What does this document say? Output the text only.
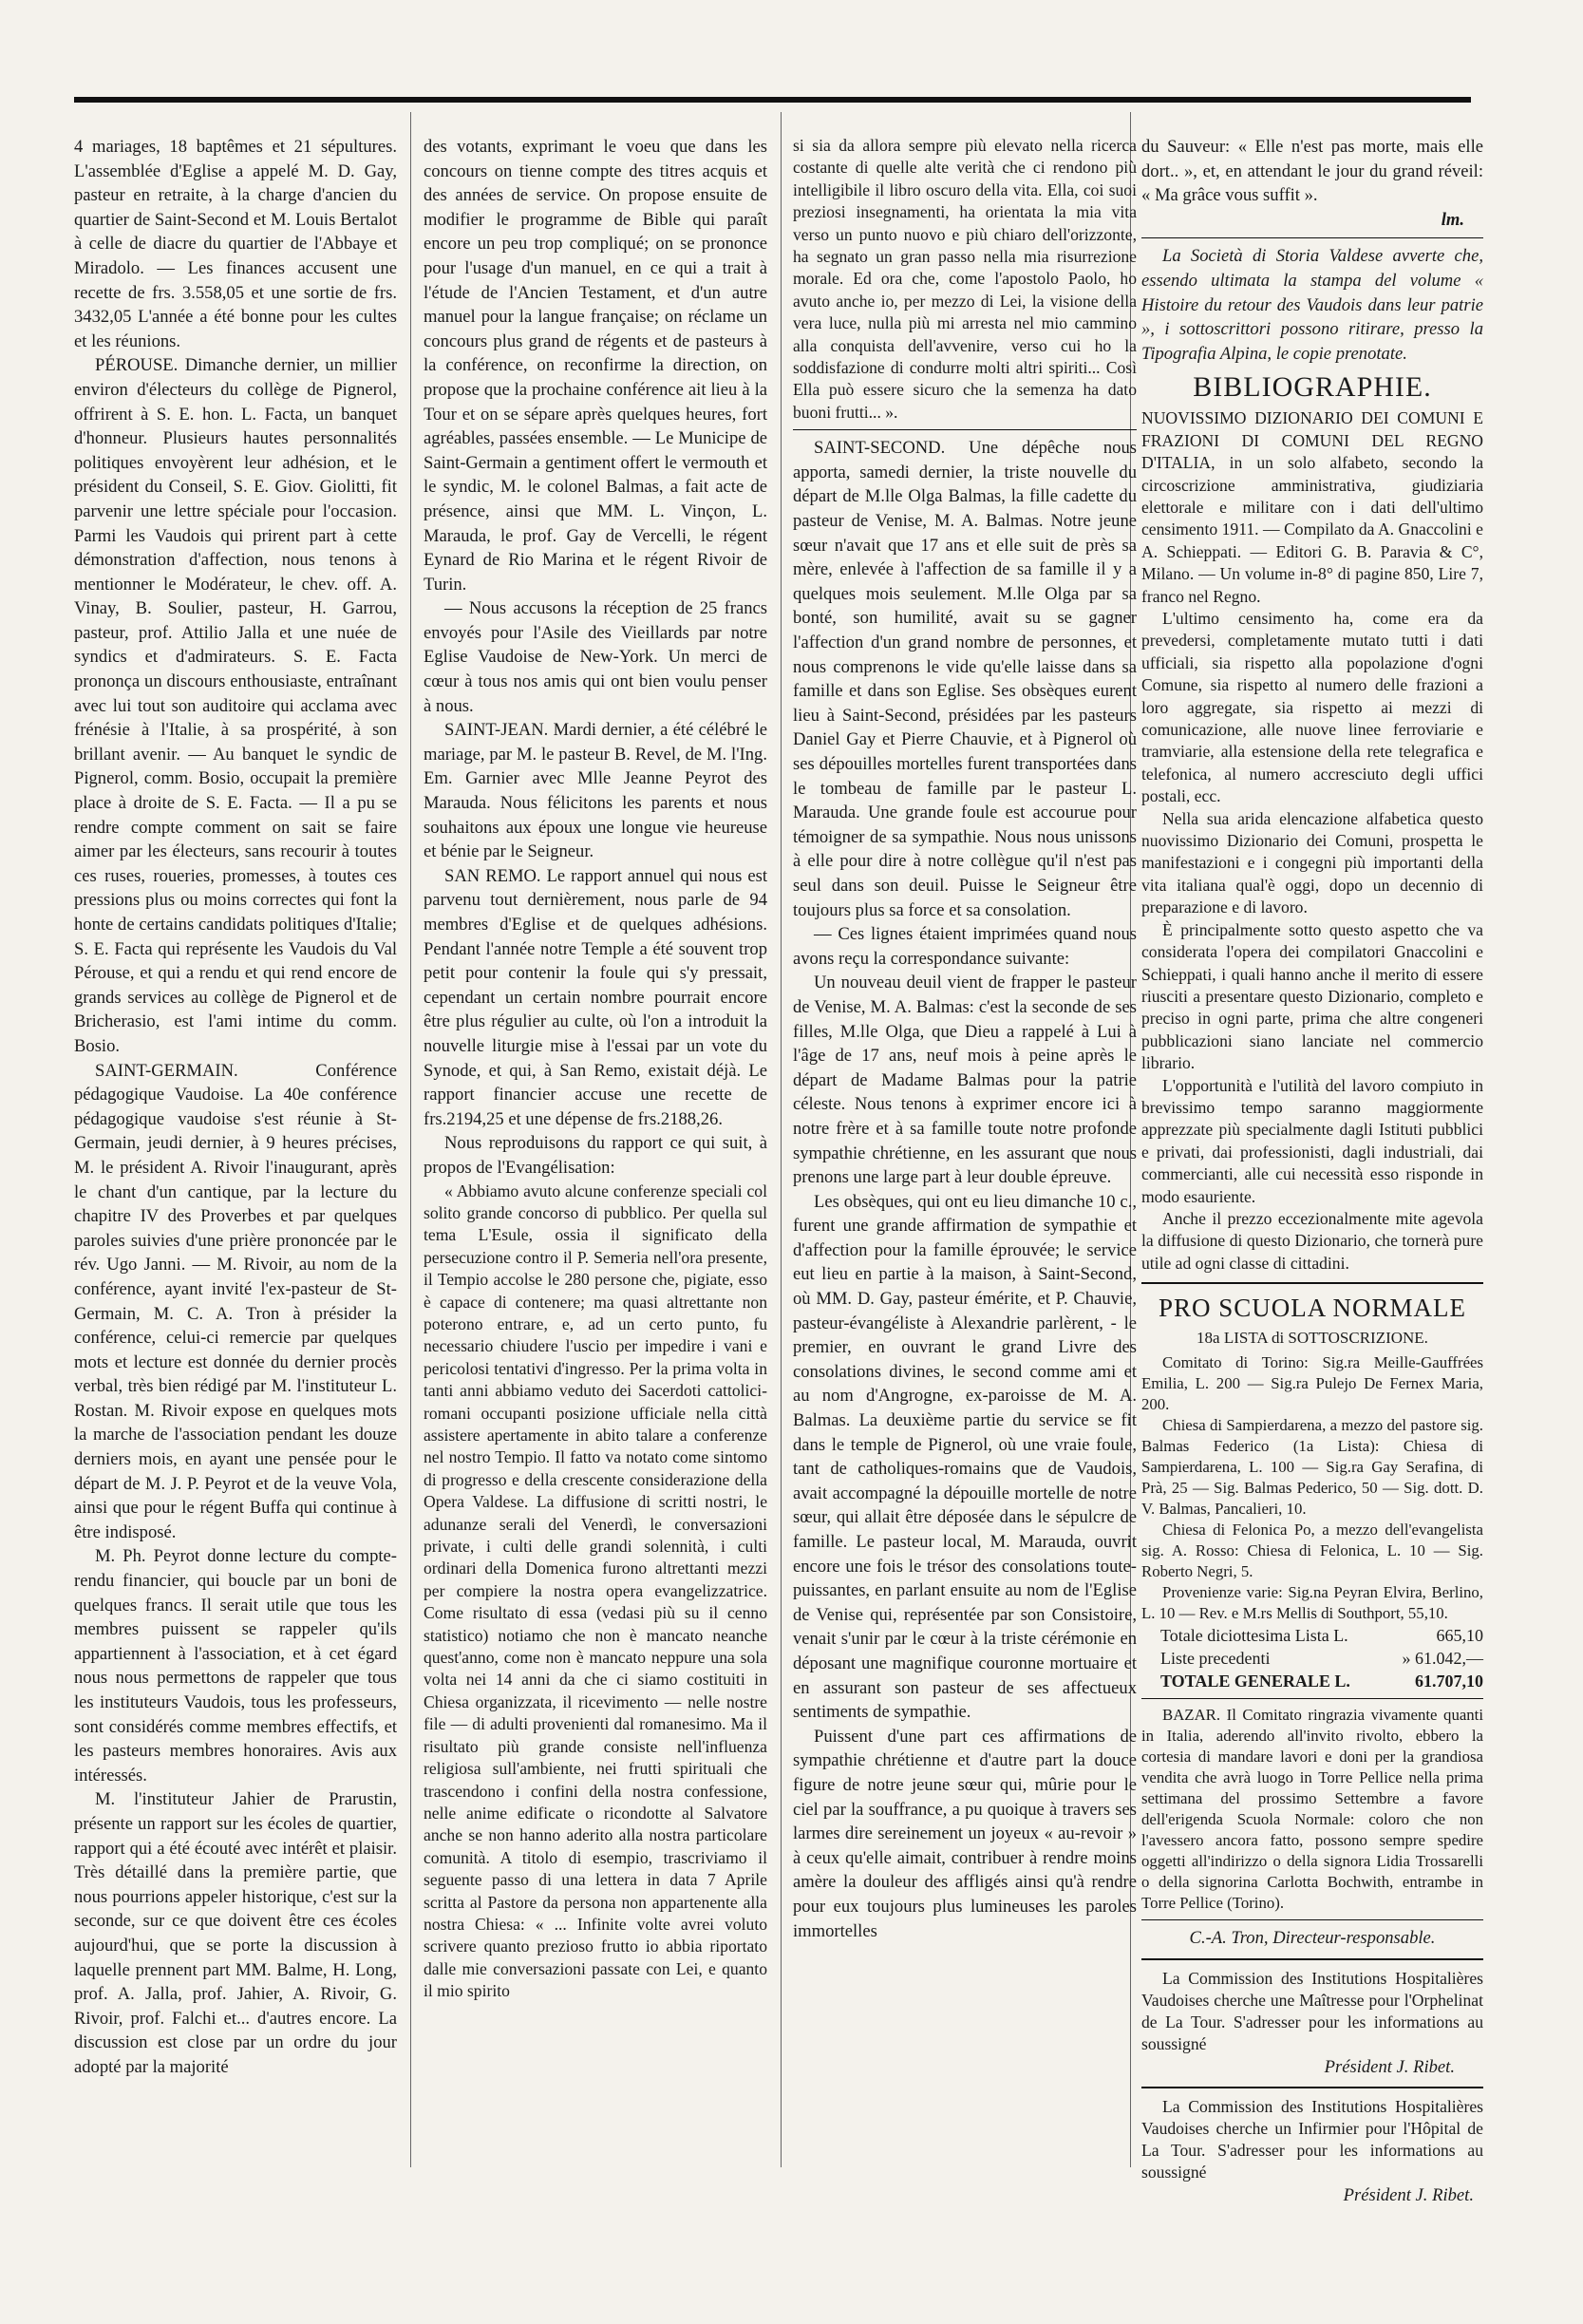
4 mariages, 18 baptêmes et 21 sépultures. L'assemblée d'Eglise a appelé M. D. Gay, pasteur en retraite, à la charge d'ancien du quartier de Saint-Second et M. Louis Bertalot à celle de diacre du quartier de l'Abbaye et Miradolo. — Les finances accusent une recette de frs. 3.558,05 et une sortie de frs. 3432,05 L'année a été bonne pour les cultes et les réunions.

PÉROUSE. Dimanche dernier, un millier environ d'électeurs du collège de Pignerol, offrirent à S. E. hon. L. Facta, un banquet d'honneur. Plusieurs hautes personnalités politiques envoyèrent leur adhésion, et le président du Conseil, S. E. Giov. Giolitti, fit parvenir une lettre spéciale pour l'occasion. Parmi les Vaudois qui prirent part à cette démonstration d'affection, nous tenons à mentionner le Modérateur, le chev. off. A. Vinay, B. Soulier, pasteur, H. Garrou, pasteur, prof. Attilio Jalla et une nuée de syndics et d'admirateurs. S. E. Facta prononça un discours enthousiaste, entraînant avec lui tout son auditoire qui acclama avec frénésie à l'Italie, à sa prospérité, à son brillant avenir. — Au banquet le syndic de Pignerol, comm. Bosio, occupait la première place à droite de S. E. Facta. — Il a pu se rendre compte comment on sait se faire aimer par les électeurs, sans recourir à toutes ces ruses, roueries, promesses, à toutes ces pressions plus ou moins correctes qui font la honte de certains candidats politiques d'Italie; S. E. Facta qui représente les Vaudois du Val Pérouse, et qui a rendu et qui rend encore de grands services au collège de Pignerol et de Bricherasio, est l'ami intime du comm. Bosio.

SAINT-GERMAIN. Conférence pédagogique Vaudoise. La 40e conférence pédagogique vaudoise s'est réunie à St-Germain, jeudi dernier, à 9 heures précises, M. le président A. Rivoir l'inaugurant, après le chant d'un cantique, par la lecture du chapitre IV des Proverbes et par quelques paroles suivies d'une prière prononcée par le rév. Ugo Janni. — M. Rivoir, au nom de la conférence, ayant invité l'ex-pasteur de St-Germain, M. C. A. Tron à présider la conférence, celui-ci remercie par quelques mots et lecture est donnée du dernier procès verbal, très bien rédigé par M. l'instituteur L. Rostan. M. Rivoir expose en quelques mots la marche de l'association pendant les douze derniers mois, en ayant une pensée pour le départ de M. J. P. Peyrot et de la veuve Vola, ainsi que pour le régent Buffa qui continue à être indisposé.

M. Ph. Peyrot donne lecture du compte-rendu financier, qui boucle par un boni de quelques francs. Il serait utile que tous les membres puissent se rappeler qu'ils appartiennent à l'association, et à cet égard nous nous permettons de rappeler que tous les instituteurs Vaudois, tous les professeurs, sont considérés comme membres effectifs, et les pasteurs membres honoraires. Avis aux intéressés.

M. l'instituteur Jahier de Prarustin, présente un rapport sur les écoles de quartier, rapport qui a été écouté avec intérêt et plaisir. Très détaillé dans la première partie, que nous pourrions appeler historique, c'est sur la seconde, sur ce que doivent être ces écoles aujourd'hui, que se porte la discussion à laquelle prennent part MM. Balme, H. Long, prof. A. Jalla, prof. Jahier, A. Rivoir, G. Rivoir, prof. Falchi et... d'autres encore. La discussion est close par un ordre du jour adopté par la majorité

des votants, exprimant le voeu que dans les concours on tienne compte des titres acquis et des années de service. On propose ensuite de modifier le programme de Bible qui paraît encore un peu trop compliqué; on se prononce pour l'usage d'un manuel, en ce qui a trait à l'étude de l'Ancien Testament, et d'un autre manuel pour la langue française; on réclame un concours plus grand de régents et de pasteurs à la conférence, on reconfirme la direction, on propose que la prochaine conférence ait lieu à la Tour et on se sépare après quelques heures, fort agréables, passées ensemble. — Le Municipe de Saint-Germain a gentiment offert le vermouth et le syndic, M. le colonel Balmas, a fait acte de présence, ainsi que MM. L. Vinçon, L. Marauda, le prof. Gay de Vercelli, le régent Eynard de Rio Marina et le régent Rivoir de Turin.

— Nous accusons la réception de 25 francs envoyés pour l'Asile des Vieillards par notre Eglise Vaudoise de New-York. Un merci de cœur à tous nos amis qui ont bien voulu penser à nous.

SAINT-JEAN. Mardi dernier, a été célébré le mariage, par M. le pasteur B. Revel, de M. l'Ing. Em. Garnier avec Mlle Jeanne Peyrot des Marauda. Nous félicitons les parents et nous souhaitons aux époux une longue vie heureuse et bénie par le Seigneur.

SAN REMO. Le rapport annuel qui nous est parvenu tout dernièrement, nous parle de 94 membres d'Eglise et de quelques adhésions. Pendant l'année notre Temple a été souvent trop petit pour contenir la foule qui s'y pressait, cependant un certain nombre pourrait encore être plus régulier au culte, où l'on a introduit la nouvelle liturgie mise à l'essai par un vote du Synode, et qui, à San Remo, existait déjà. Le rapport financier accuse une recette de frs.2194,25 et une dépense de frs.2188,26.

Nous reproduisons du rapport ce qui suit, à propos de l'Evangélisation:

« Abbiamo avuto alcune conferenze speciali col solito grande concorso di pubblico. Per quella sul tema L'Esule, ossia il significato della persecuzione contro il P. Semeria nell'ora presente, il Tempio accolse le 280 persone che, pigiate, esso è capace di contenere; ma quasi altrettante non poterono entrare, e, ad un certo punto, fu necessario chiudere l'uscio per impedire i vani e pericolosi tentativi d'ingresso. Per la prima volta in tanti anni abbiamo veduto dei Sacerdoti cattolici-romani occupanti posizione ufficiale nella città assistere apertamente in abito talare a conferenze nel nostro Tempio. Il fatto va notato come sintomo di progresso e della crescente considerazione della Opera Valdese. La diffusione di scritti nostri, le adunanze serali del Venerdì, le conversazioni private, i culti delle grandi solennità, i culti ordinari della Domenica furono altrettanti mezzi per compiere la nostra opera evangelizzatrice. Come risultato di essa (vedasi più su il cenno statistico) notiamo che non è mancato neanche quest'anno, come non è mancato neppure una sola volta nei 14 anni da che ci siamo costituiti in Chiesa organizzata, il ricevimento — nelle nostre file — di adulti provenienti dal romanesimo. Ma il risultato più grande consiste nell'influenza religiosa sull'ambiente, nei frutti spirituali che trascendono i confini della nostra confessione, nelle anime edificate o ricondotte al Salvatore anche se non hanno aderito alla nostra particolare comunità. A titolo di esempio, trascriviamo il seguente passo di una lettera in data 7 Aprile scritta al Pastore da persona non appartenente alla nostra Chiesa: « ... Infinite volte avrei voluto scrivere quanto prezioso frutto io abbia riportato dalle mie conversazioni passate con Lei, e quanto il mio spirito

si sia da allora sempre più elevato nella ricerca costante di quelle alte verità che ci rendono più intelligibile il libro oscuro della vita. Ella, coi suoi preziosi insegnamenti, ha orientata la mia vita verso un punto nuovo e più chiaro dell'orizzonte, ha segnato un gran passo nella mia risurrezione morale. Ed ora che, come l'apostolo Paolo, ho avuto anche io, per mezzo di Lei, la visione della vera luce, nulla più mi arresta nel mio cammino alla conquista dell'avvenire, verso cui ho la soddisfazione di condurre molti altri spiriti... Così Ella può essere sicuro che la semenza ha dato buoni frutti... ».

SAINT-SECOND. Une dépêche nous apporta, samedi dernier, la triste nouvelle du départ de M.lle Olga Balmas, la fille cadette du pasteur de Venise, M. A. Balmas. Notre jeune sœur n'avait que 17 ans et elle suit de près sa mère, enlevée à l'affection de sa famille il y a quelques mois seulement. M.lle Olga par sa bonté, son humilité, avait su se gagner l'affection d'un grand nombre de personnes, et nous comprenons le vide qu'elle laisse dans sa famille et dans son Eglise. Ses obsèques eurent lieu à Saint-Second, présidées par les pasteurs Daniel Gay et Pierre Chauvie, et à Pignerol où ses dépouilles mortelles furent transportées dans le tombeau de famille par le pasteur L. Marauda. Une grande foule est accourue pour témoigner de sa sympathie. Nous nous unissons à elle pour dire à notre collègue qu'il n'est pas seul dans son deuil. Puisse le Seigneur être toujours plus sa force et sa consolation.

— Ces lignes étaient imprimées quand nous avons reçu la correspondance suivante:

Un nouveau deuil vient de frapper le pasteur de Venise, M. A. Balmas: c'est la seconde de ses filles, M.lle Olga, que Dieu a rappelé à Lui à l'âge de 17 ans, neuf mois à peine après le départ de Madame Balmas pour la patrie céleste. Nous tenons à exprimer encore ici à notre frère et à sa famille toute notre profonde sympathie chrétienne, en les assurant que nous prenons une large part à leur double épreuve.

Les obsèques, qui ont eu lieu dimanche 10 c., furent une grande affirmation de sympathie et d'affection pour la famille éprouvée; le service eut lieu en partie à la maison, à Saint-Second, où MM. D. Gay, pasteur émérite, et P. Chauvie, pasteur-évangéliste à Alexandrie parlèrent, - le premier, en ouvrant le grand Livre des consolations divines, le second comme ami et au nom d'Angrogne, ex-paroisse de M. A. Balmas. La deuxième partie du service se fit dans le temple de Pignerol, où une vraie foule, tant de catholiques-romains que de Vaudois, avait accompagné la dépouille mortelle de notre sœur, qui allait être déposée dans le sépulcre de famille. Le pasteur local, M. Marauda, ouvrit encore une fois le trésor des consolations toute-puissantes, en parlant ensuite au nom de l'Eglise de Venise qui, représentée par son Consistoire, venait s'unir par le cœur à la triste cérémonie en déposant une magnifique couronne mortuaire et en assurant son pasteur de ses affectueux sentiments de sympathie.

Puissent d'une part ces affirmations de sympathie chrétienne et d'autre part la douce figure de notre jeune sœur qui, mûrie pour le ciel par la souffrance, a pu quoique à travers ses larmes dire sereinement un joyeux « au-revoir » à ceux qu'elle aimait, contribuer à rendre moins amère la douleur des affligés ainsi qu'à rendre pour eux toujours plus lumineuses les paroles immortelles

du Sauveur: « Elle n'est pas morte, mais elle dort.. », et, en attendant le jour du grand réveil: « Ma grâce vous suffit ».

lm.

La Società di Storia Valdese avverte che, essendo ultimata la stampa del volume « Histoire du retour des Vaudois dans leur patrie », i sottoscrittori possono ritirare, presso la Tipografia Alpina, le copie prenotate.

BIBLIOGRAPHIE.

NUOVISSIMO DIZIONARIO DEI COMUNI E FRAZIONI DI COMUNI DEL REGNO D'ITALIA, in un solo alfabeto, secondo la circoscrizione amministrativa, giudiziaria elettorale e militare con i dati dell'ultimo censimento 1911. — Compilato da A. Gnaccolini e A. Schieppati. — Editori G. B. Paravia & C°, Milano. — Un volume in-8° di pagine 850, Lire 7, franco nel Regno.

L'ultimo censimento ha, come era da prevedersi, completamente mutato tutti i dati ufficiali, sia rispetto alla popolazione d'ogni Comune, sia rispetto al numero delle frazioni a loro aggregate, sia rispetto ai mezzi di comunicazione, alle nuove linee ferroviarie e tramviarie, alla estensione della rete telegrafica e telefonica, al numero accresciuto degli uffici postali, ecc.

Nella sua arida elencazione alfabetica questo nuovissimo Dizionario dei Comuni, prospetta le manifestazioni e i congegni più importanti della vita italiana qual'è oggi, dopo un decennio di preparazione e di lavoro.

È principalmente sotto questo aspetto che va considerata l'opera dei compilatori Gnaccolini e Schieppati, i quali hanno anche il merito di essere riusciti a presentare questo Dizionario, completo e preciso in ogni parte, prima che altre congeneri pubblicazioni siano lanciate nel commercio librario.

L'opportunità e l'utilità del lavoro compiuto in brevissimo tempo saranno maggiormente apprezzate più specialmente dagli Istituti pubblici e privati, dai professionisti, dagli industriali, dai commercianti, alle cui necessità esso risponde in modo esauriente.

Anche il prezzo eccezionalmente mite agevola la diffusione di questo Dizionario, che tornerà pure utile ad ogni classe di cittadini.

PRO SCUOLA NORMALE
18a LISTA di SOTTOSCRIZIONE.

Comitato di Torino: Sig.ra Meille-Gauffrées Emilia, L. 200 — Sig.ra Pulejo De Fernex Maria, 200.

Chiesa di Sampierdarena, a mezzo del pastore sig. Balmas Federico (1a Lista): Chiesa di Sampierdarena, L. 100 — Sig.ra Gay Serafina, di Prà, 25 — Sig. Balmas Pederico, 50 — Sig. dott. D. V. Balmas, Pancalieri, 10.

Chiesa di Felonica Po, a mezzo dell'evangelista sig. A. Rosso: Chiesa di Felonica, L. 10 — Sig. Roberto Negri, 5.

Provenienze varie: Sig.na Peyran Elvira, Berlino, L. 10 — Rev. e M.rs Mellis di Southport, 55,10.

Totale diciottesima Lista L.	665,10
Liste precedenti	» 61.042,—
TOTALE GENERALE L.	61.707,10

BAZAR. Il Comitato ringrazia vivamente quanti in Italia, aderendo all'invito rivolto, ebbero la cortesia di mandare lavori e doni per la grandiosa vendita che avrà luogo in Torre Pellice nella prima settimana del prossimo Settembre a favore dell'erigenda Scuola Normale: coloro che non l'avessero ancora fatto, possono sempre spedire oggetti all'indirizzo o della signora Lidia Trossarelli o della signorina Carlotta Bochwith, entrambe in Torre Pellice (Torino).

C.-A. Tron, Directeur-responsable.

La Commission des Institutions Hospitalières Vaudoises cherche une Maîtresse pour l'Orphelinat de La Tour. S'adresser pour les informations au soussigné

Président J. Ribet.

La Commission des Institutions Hospitalières Vaudoises cherche un Infirmier pour l'Hôpital de La Tour. S'adresser pour les informations au soussigné

Président J. Ribet.
